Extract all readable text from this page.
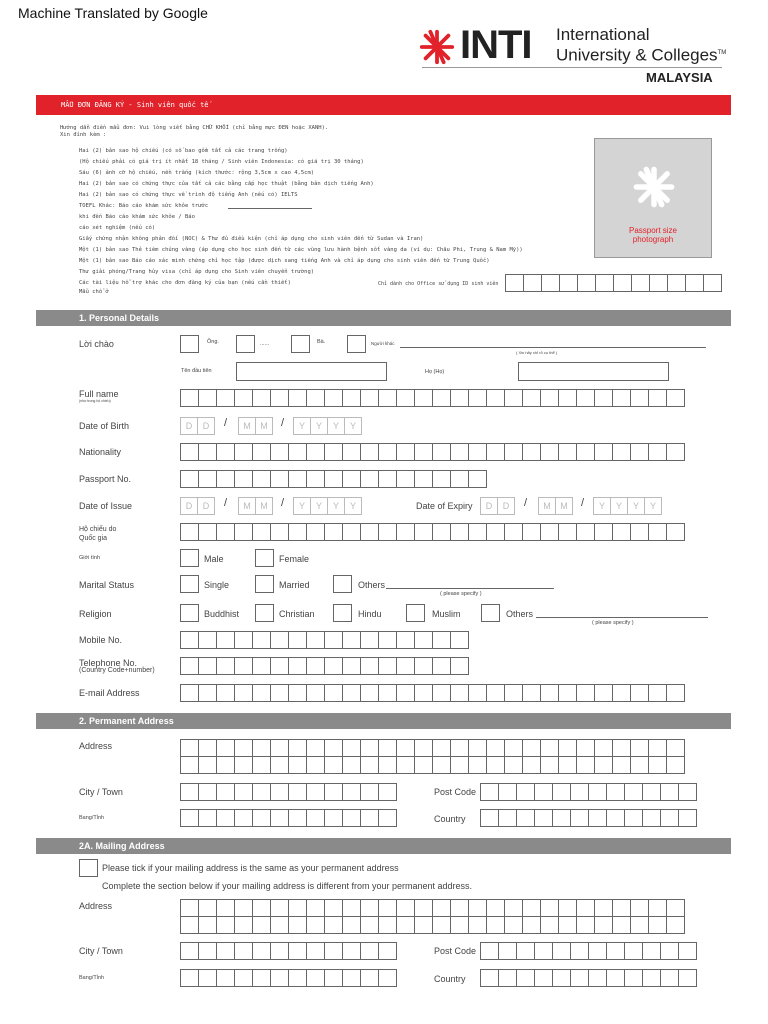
Machine Translated by Google
INTI International
University & Colleges™
MALAYSIA
MẪU ĐƠN ĐĂNG KÝ - Sinh viên quốc tế
Hướng dẫn điền mẫu đơn: Vui lòng viết bằng CHỮ KHỐI (chỉ bằng mực ĐEN hoặc XANH).
Xin đính kèm :
Hai (2) bản sao hộ chiếu (có số bao gồm tất cả các trang trống)
(Hộ chiếu phải có giá trị ít nhất 18 tháng / Sinh viên Indonesia: có giá trị 30 tháng)
Sáu (6) ảnh cỡ hộ chiếu, nền trắng (kích thước: rộng 3,5cm x cao 4,5cm)
Hai (2) bản sao có chứng thực của tất cả các bằng cấp học thuật (bằng bản dịch tiếng Anh)
Hai (2) bản sao có chứng thực về trình độ tiếng Anh (nếu có) IELTS
TOEFL Khác: Báo cáo khám sức khỏe trước
khi đến Báo cáo khám sức khỏe / Báo
cáo xét nghiệm (nếu có)
Giấy chứng nhận không phản đối (NOC) & Thư đủ điều kiện (chỉ áp dụng cho sinh viên đến từ Sudan và Iran)
Một (1) bản sao Thẻ tiêm chủng vàng (áp dụng cho học sinh đến từ các vùng lưu hành bệnh sốt vàng da (ví dụ: Châu Phi, Trung & Nam Mỹ))
Một (1) bản sao Báo cáo xác minh chứng chỉ học tập (được dịch sang tiếng Anh và chỉ áp dụng cho sinh viên đến từ Trung Quốc)
Thư giải phóng/Trang hủy visa (chỉ áp dụng cho Sinh viên chuyển trường)
Các tài liệu hỗ trợ khác cho đơn đăng ký của bạn (nếu cần thiết)
Mẫu chỗ ở
Chỉ dành cho Office sử dụng ID sinh viên
Passport size
photograph
1. Personal Details
Lời chào	Ông.	......	Bà.	Người khác
( Xin hãy chỉ rõ cụ thể )
Tên đầu tiên	Họ (Họ)
Full name
(như trong hộ chiếu)
Date of Birth	D	D	/	M	M	/	Y	Y	Y	Y
Nationality
Passport No.
Date of Issue	D	D	/	M	M	/	Y	Y	Y	Y	Date of Expiry	D	D	/	M	M	/	Y	Y	Y	Y
Hộ chiếu do
Quốc gia
Giới tính	Male	Female
Marital Status	Single	Married	Others
( please specify )
Religion	Buddhist	Christian	Hindu	Muslim	Others
( please specify )
Mobile No.
Telephone No.
(Country Code+number)
E-mail Address
2. Permanent Address
Address
City / Town	Post Code
Bang/Tỉnh	Country
2A. Mailing Address
Please tick if your mailing address is the same as your permanent address
Complete the section below if your mailing address is different from your permanent address.
Address
City / Town	Post Code
Bang/Tỉnh	Country
